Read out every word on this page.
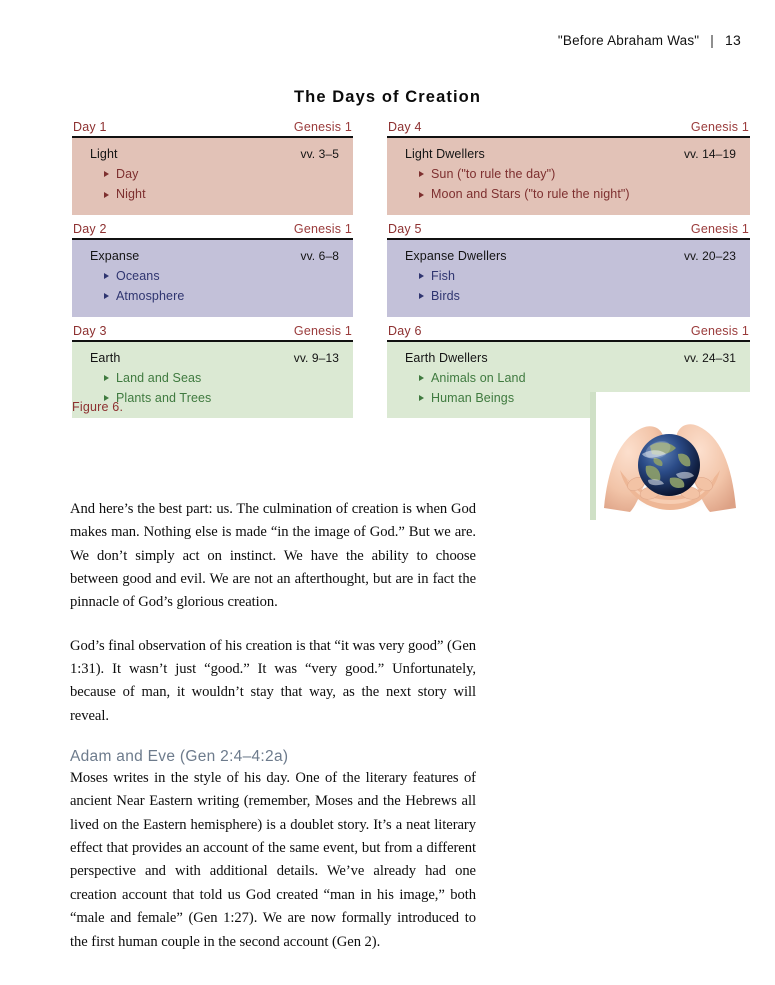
"Before Abraham Was" | 13
The Days of Creation
Day 1	Genesis 1
Light	vv. 3–5
Day
Night
Day 4	Genesis 1
Light Dwellers	vv. 14–19
Sun ("to rule the day")
Moon and Stars ("to rule the night")
Day 2	Genesis 1
Expanse	vv. 6–8
Oceans
Atmosphere
Day 5	Genesis 1
Expanse Dwellers	vv. 20–23
Fish
Birds
Day 3	Genesis 1
Earth	vv. 9–13
Land and Seas
Plants and Trees
Day 6	Genesis 1
Earth Dwellers	vv. 24–31
Animals on Land
Human Beings
Figure 6.

And here’s the best part: us. The culmination of creation is when God makes man. Nothing else is made “in the image of God.” But we are. We don’t simply act on instinct. We have the ability to choose between good and evil. We are not an afterthought, but are in fact the pinnacle of God’s glorious creation.

God’s final observation of his creation is that “it was very good” (Gen 1:31). It wasn’t just “good.” It was “very good.” Unfortunately, because of man, it wouldn’t stay that way, as the next story will reveal.

Adam and Eve (Gen 2:4–4:2a)

Moses writes in the style of his day. One of the literary features of ancient Near Eastern writing (remember, Moses and the Hebrews all lived on the Eastern hemisphere) is a doublet story. It’s a neat literary effect that provides an account of the same event, but from a different perspective and with additional details. We’ve already had one creation account that told us God created “man in his image,” both “male and female” (Gen 1:27). We are now formally introduced to the first human couple in the second account (Gen 2).
